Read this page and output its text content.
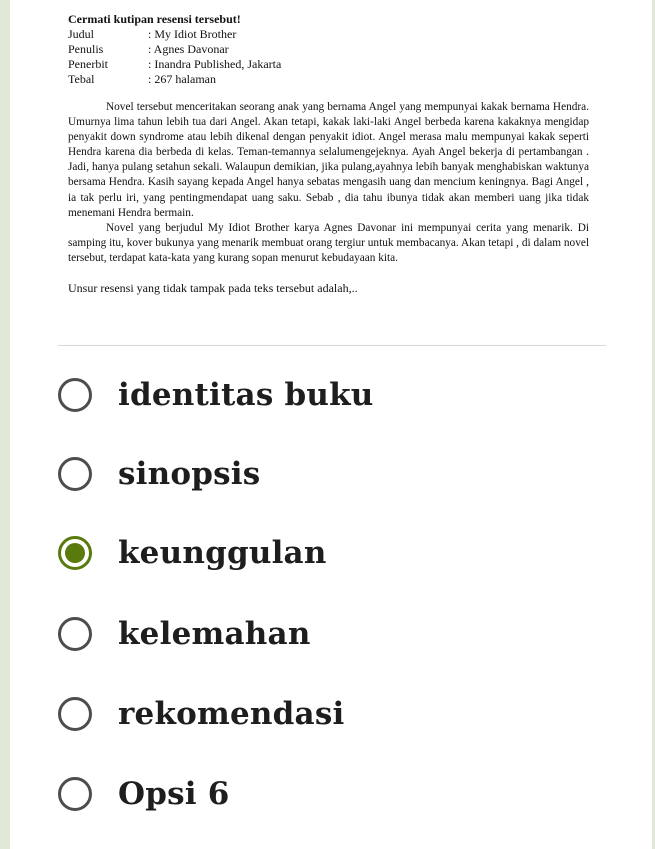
Cermati kutipan resensi tersebut!
Judul	: My Idiot Brother
Penulis	: Agnes Davonar
Penerbit	: Inandra Published, Jakarta
Tebal	: 267 halaman

Novel tersebut menceritakan seorang anak yang bernama Angel yang mempunyai kakak bernama Hendra. Umurnya lima tahun lebih tua dari Angel. Akan tetapi, kakak laki-laki Angel berbeda karena kakaknya mengidap penyakit down syndrome atau lebih dikenal dengan penyakit idiot. Angel merasa malu mempunyai kakak seperti Hendra karena dia berbeda di kelas. Teman-temannya selalumengejeknya. Ayah Angel bekerja di pertambangan . Jadi, hanya pulang setahun sekali. Walaupun demikian, jika pulang,ayahnya lebih banyak menghabiskan waktunya bersama Hendra. Kasih sayang kepada Angel hanya sebatas mengasih uang dan mencium keningnya. Bagi Angel , ia tak perlu iri, yang pentingmendapat uang saku. Sebab , dia tahu ibunya tidak akan memberi uang jika tidak menemani Hendra bermain.

Novel yang berjudul My Idiot Brother karya Agnes Davonar ini mempunyai cerita yang menarik. Di samping itu, kover bukunya yang menarik membuat orang tergiur untuk membacanya. Akan tetapi , di dalam novel tersebut, terdapat kata-kata yang kurang sopan menurut kebudayaan kita.

Unsur resensi yang tidak tampak pada teks tersebut adalah,..
identitas buku
sinopsis
keunggulan
kelemahan
rekomendasi
Opsi 6
